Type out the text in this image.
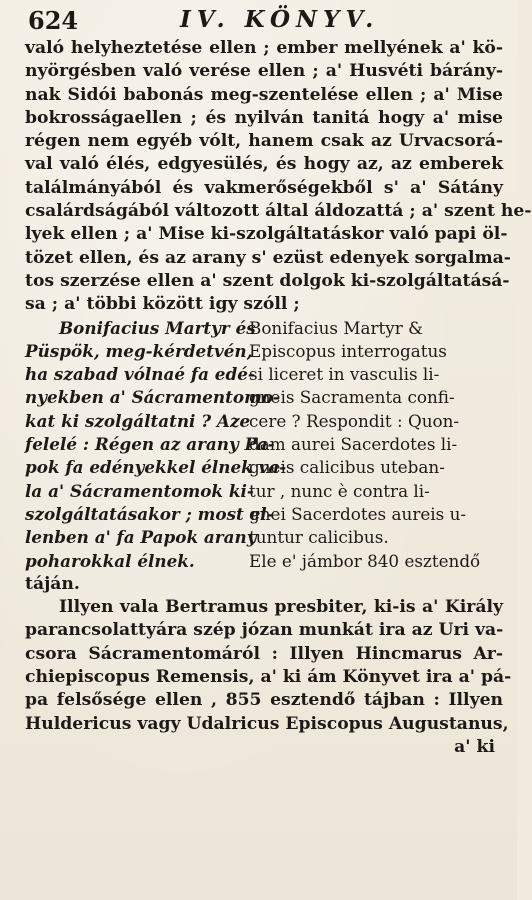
624	IV. KÖNYV.
való helyheztetése ellen ; ember mellyének a' kö-
nyörgésben való verése ellen ; a' Husvéti bárány-
nak Sidói babonás meg-szentelése ellen ; a' Mise
bokrosságaellen ; és nyilván tanitá hogy a' mise
régen nem egyéb vólt, hanem csak az Urvacsorá-
val való élés, edgyesülés, és hogy az, az emberek
találmányából és vakmerőségekből s' a' Sátány
csalárdságából változott által áldozattá ; a' szent he-
lyek ellen ; a' Mise ki-szolgáltatáskor való papi öl-
tözet ellen, és az arany s' ezüst edenyek sorgalma-
tos szerzése ellen a' szent dolgok ki-szolgáltatásá-
sa ; a' többi között igy szóll ;
Bonifacius Martyr és
Püspök, meg-kérdetvén,
ha szabad vólnaé fa edé-
nyekben a' Sácramentomo-
kat ki szolgáltatni ? Aze
felelé : Régen az arany Pa-
pok fa edényekkel élnek va-
la a' Sácramentomok ki-
szolgáltatásakor ; most el-
lenben a' fa Papok arany
poharokkal élnek.
Bonifacius Martyr &
Episcopus interrogatus
si liceret in vasculis li-
gneis Sacramenta confi-
cere ? Respondit : Quon-
dam aurei Sacerdotes li-
gneis calicibus uteban-
tur , nunc è contra li-
gnei Sacerdotes aureis u-
tuntur calicibus.
Ele e' jámbor 840 esztendő
táján.
Illyen vala Bertramus presbiter, ki-is a' Király
parancsolattyára szép józan munkát ira az Uri va-
csora Sácramentomáról : Illyen Hincmarus Ar-
chiepiscopus Remensis, a' ki ám Könyvet ira a' pá-
pa felsősége ellen , 855 esztendő tájban : Illyen
Huldericus vagy Udalricus Episcopus Augustanus,
a' ki
